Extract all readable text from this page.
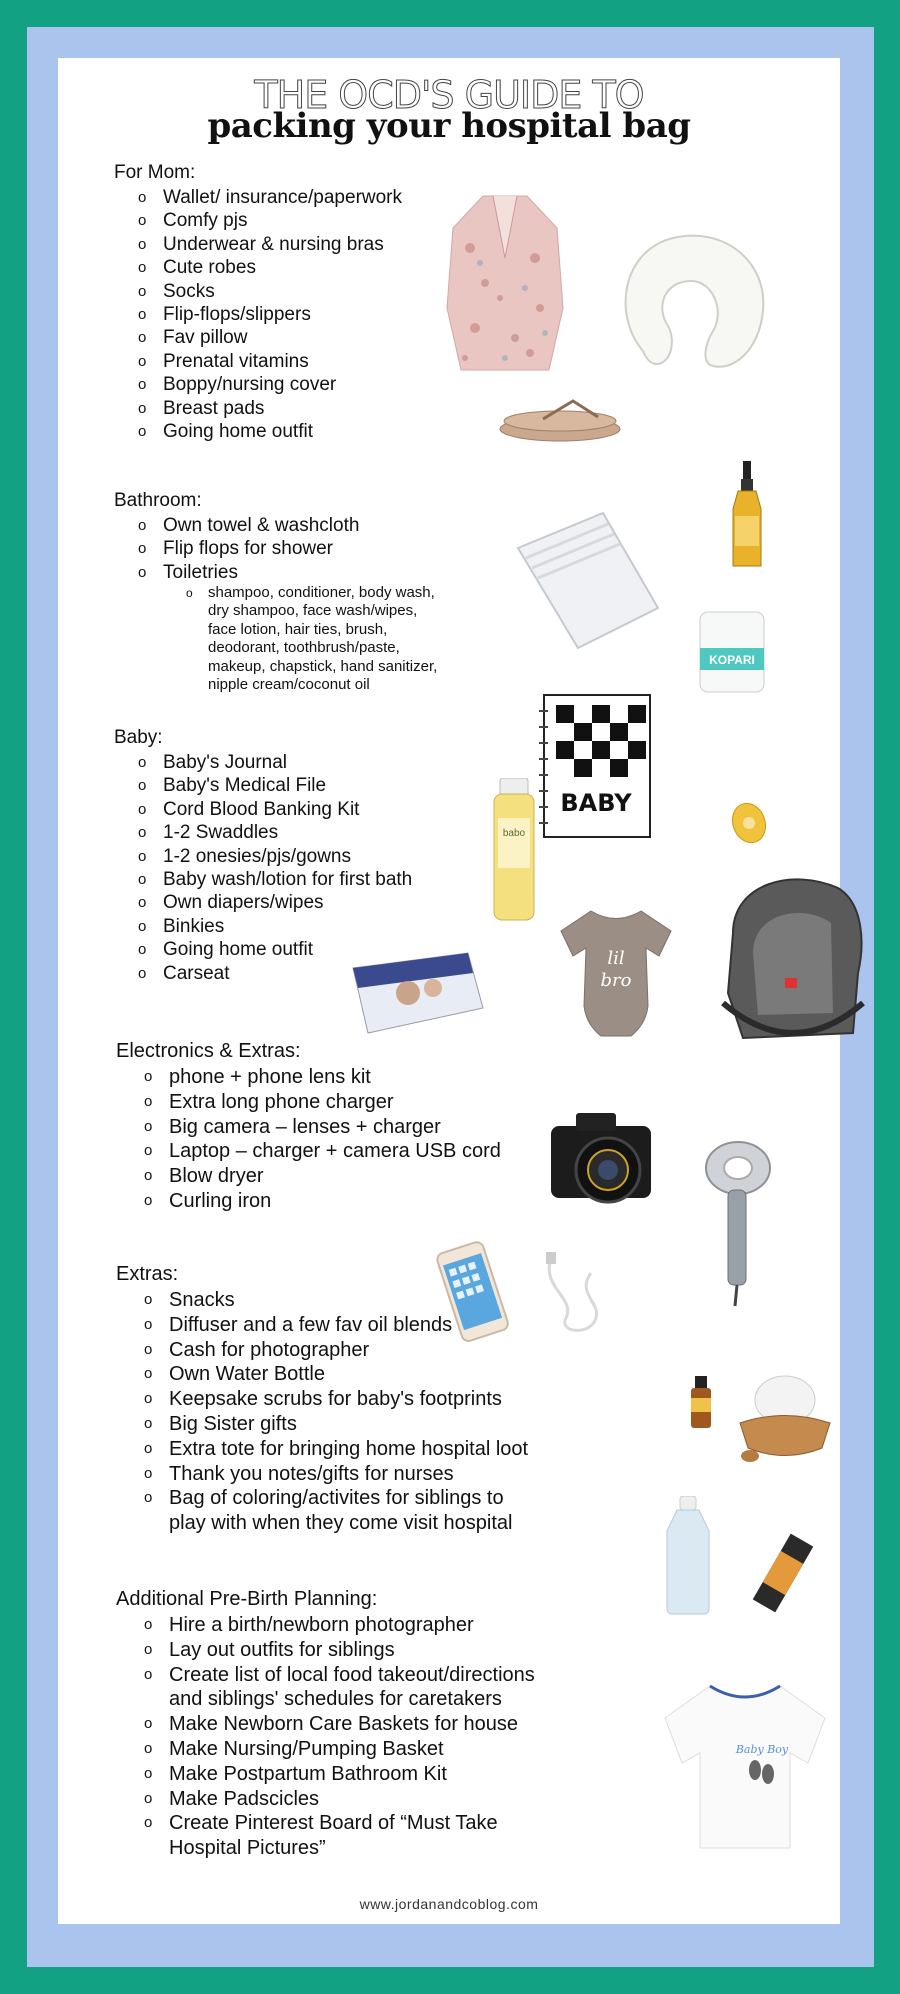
THE OCD'S GUIDE TO
packing your hospital bag
For Mom:
o Wallet/ insurance/paperwork
o Comfy pjs
o Underwear & nursing bras
o Cute robes
o Socks
o Flip-flops/slippers
o Fav pillow
o Prenatal vitamins
o Boppy/nursing cover
o Breast pads
o Going home outfit
Bathroom:
o Own towel & washcloth
o Flip flops for shower
o Toiletries
o shampoo, conditioner, body wash,
dry shampoo, face wash/wipes,
face lotion, hair ties, brush,
deodorant, toothbrush/paste,
makeup, chapstick, hand sanitizer,
nipple cream/coconut oil
Baby:
o Baby's Journal
o Baby's Medical File
o Cord Blood Banking Kit
o 1-2 Swaddles
o 1-2 onesies/pjs/gowns
o Baby wash/lotion for first bath
o Own diapers/wipes
o Binkies
o Going home outfit
o Carseat
Electronics & Extras:
o phone + phone lens kit
o Extra long phone charger
o Big camera – lenses + charger
o Laptop – charger + camera USB cord
o Blow dryer
o Curling iron
Extras:
o Snacks
o Diffuser and a few fav oil blends
o Cash for photographer
o Own Water Bottle
o Keepsake scrubs for baby's footprints
o Big Sister gifts
o Extra tote for bringing home hospital loot
o Thank you notes/gifts for nurses
o Bag of coloring/activites for siblings to
play with when they come visit hospital
Additional Pre-Birth Planning:
o Hire a birth/newborn photographer
o Lay out outfits for siblings
o Create list of local food takeout/directions
and siblings' schedules for caretakers
o Make Newborn Care Baskets for house
o Make Nursing/Pumping Basket
o Make Postpartum Bathroom Kit
o Make Padscicles
o Create Pinterest Board of “Must Take
Hospital Pictures”
KOPARI
BABY
babo
lil
bro
Baby Boy
www.jordanandcoblog.com
